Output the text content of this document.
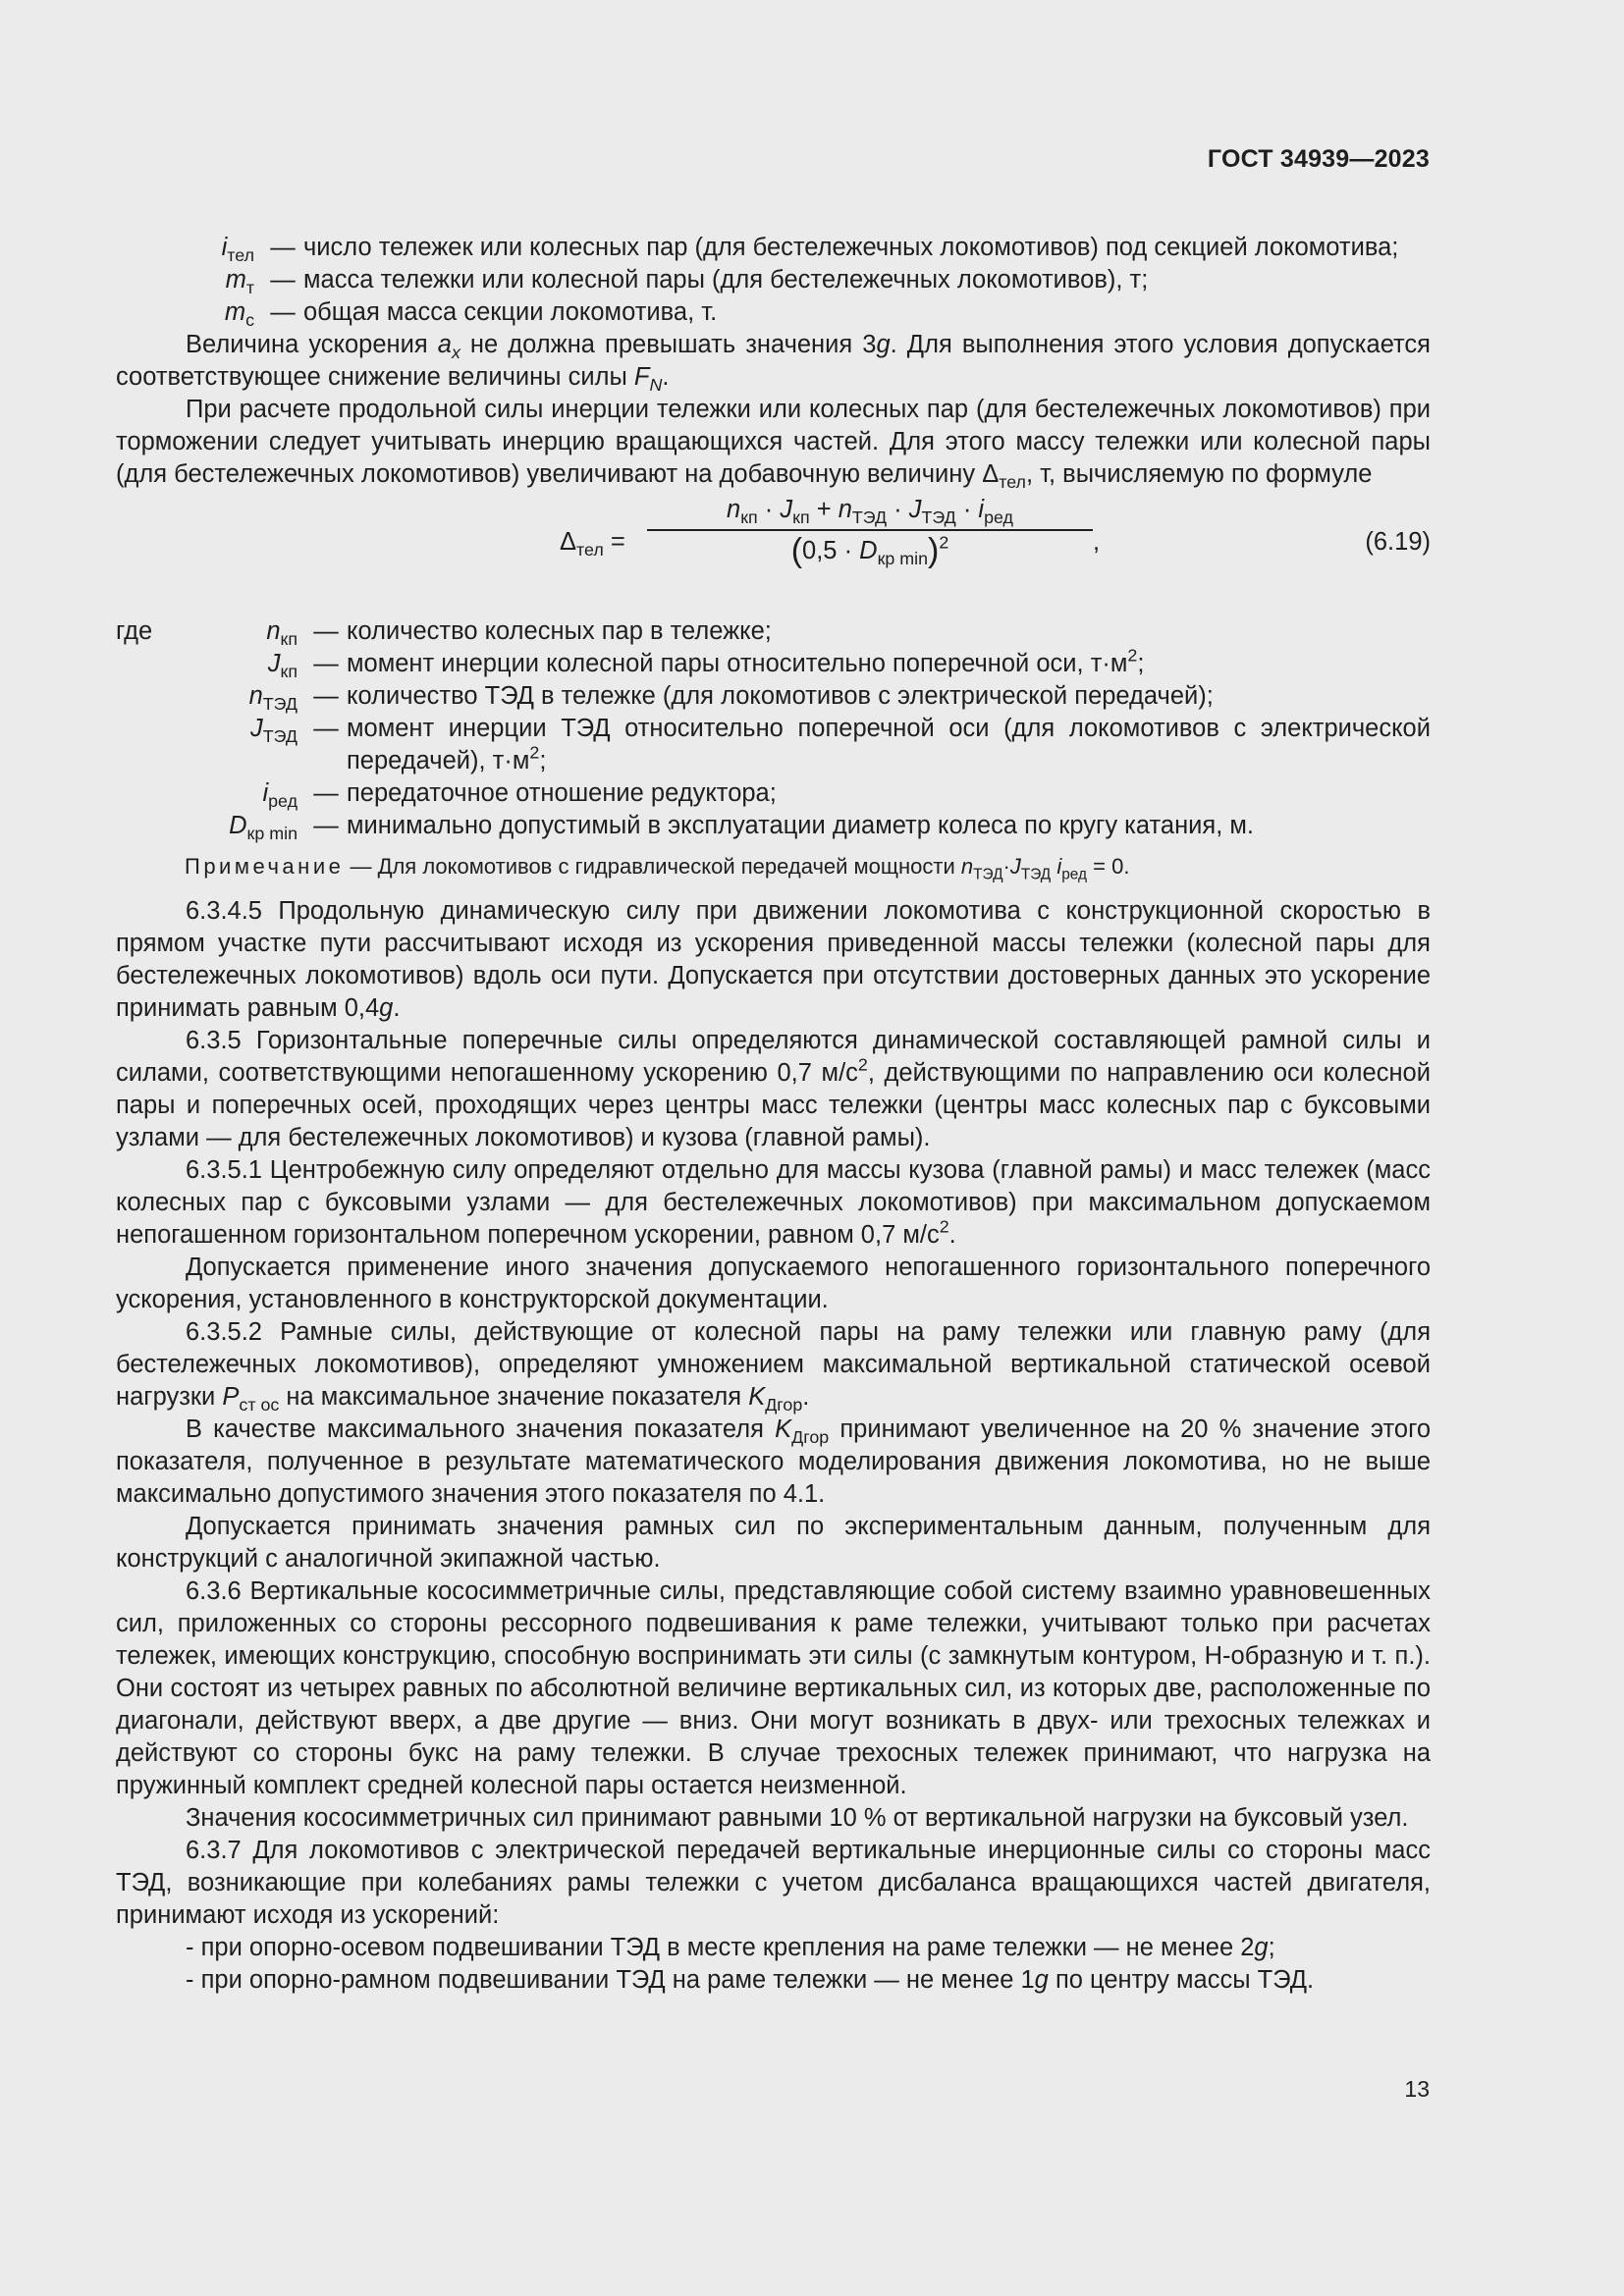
ГОСТ 34939—2023
$i_{тел}$	—	число тележек или колесных пар (для бестележечных локомотивов) под секцией локомотива;
$m_т$	—	масса тележки или колесной пары (для бестележечных локомотивов), т;
$m_с$	—	общая масса секции локомотива, т.

Величина ускорения $a_x$ не должна превышать значения 3g. Для выполнения этого условия допускается соответствующее снижение величины силы $F_N$.

При расчете продольной силы инерции тележки или колесных пар (для бестележечных локомотивов) при торможении следует учитывать инерцию вращающихся частей. Для этого массу тележки или колесной пары (для бестележечных локомотивов) увеличивают на добавочную величину $\Delta_{тел}$, т, вычисляемую по формуле

$\Delta_{тел}$ =
$n_{кп} \cdot J_{кп} + n_{ТЭД} \cdot J_{ТЭД} \cdot i_{ред}$
$(0,5 \cdot D_{кр min})^2$	,	(6.19)
где	$n_{кп}$	—	количество колесных пар в тележке;
	$J_{кп}$	—	момент инерции колесной пары относительно поперечной оси, $т\cdot м^2$;
	$n_{ТЭД}$	—	количество ТЭД в тележке (для локомотивов с электрической передачей);
	$J_{ТЭД}$	—	момент инерции ТЭД относительно поперечной оси (для локомотивов с электрической передачей), $т\cdot м^2$;
	$i_{ред}$	—	передаточное отношение редуктора;
	$D_{кр min}$	—	минимально допустимый в эксплуатации диаметр колеса по кругу катания, м.
Примечание — Для локомотивов с гидравлической передачей мощности $n_{ТЭД}\cdot J_{ТЭД}$ $i_{ред} = 0$.

6.3.4.5 Продольную динамическую силу при движении локомотива с конструкционной скоростью в прямом участке пути рассчитывают исходя из ускорения приведенной массы тележки (колесной пары для бестележечных локомотивов) вдоль оси пути. Допускается при отсутствии достоверных данных это ускорение принимать равным 0,4g.

6.3.5 Горизонтальные поперечные силы определяются динамической составляющей рамной силы и силами, соответствующими непогашенному ускорению 0,7 $м/с^2$, действующими по направлению оси колесной пары и поперечных осей, проходящих через центры масс тележки (центры масс колесных пар с буксовыми узлами — для бестележечных локомотивов) и кузова (главной рамы).

6.3.5.1 Центробежную силу определяют отдельно для массы кузова (главной рамы) и масс тележек (масс колесных пар с буксовыми узлами — для бестележечных локомотивов) при максимальном допускаемом непогашенном горизонтальном поперечном ускорении, равном 0,7 $м/с^2$.

Допускается применение иного значения допускаемого непогашенного горизонтального поперечного ускорения, установленного в конструкторской документации.

6.3.5.2 Рамные силы, действующие от колесной пары на раму тележки или главную раму (для бестележечных локомотивов), определяют умножением максимальной вертикальной статической осевой нагрузки $P_{ст ос}$ на максимальное значение показателя $K_{Дгор}$.

В качестве максимального значения показателя $K_{Дгор}$ принимают увеличенное на 20 % значение этого показателя, полученное в результате математического моделирования движения локомотива, но не выше максимально допустимого значения этого показателя по 4.1.

Допускается принимать значения рамных сил по экспериментальным данным, полученным для конструкций с аналогичной экипажной частью.

6.3.6 Вертикальные кососимметричные силы, представляющие собой систему взаимно уравновешенных сил, приложенных со стороны рессорного подвешивания к раме тележки, учитывают только при расчетах тележек, имеющих конструкцию, способную воспринимать эти силы (с замкнутым контуром, Н-образную и т. п.). Они состоят из четырех равных по абсолютной величине вертикальных сил, из которых две, расположенные по диагонали, действуют вверх, а две другие — вниз. Они могут возникать в двух- или трехосных тележках и действуют со стороны букс на раму тележки. В случае трехосных тележек принимают, что нагрузка на пружинный комплект средней колесной пары остается неизменной.

Значения кососимметричных сил принимают равными 10 % от вертикальной нагрузки на буксовый узел.

6.3.7 Для локомотивов с электрической передачей вертикальные инерционные силы со стороны масс ТЭД, возникающие при колебаниях рамы тележки с учетом дисбаланса вращающихся частей двигателя, принимают исходя из ускорений:

- при опорно-осевом подвешивании ТЭД в месте крепления на раме тележки — не менее 2g;

- при опорно-рамном подвешивании ТЭД на раме тележки — не менее 1g по центру массы ТЭД.

13
